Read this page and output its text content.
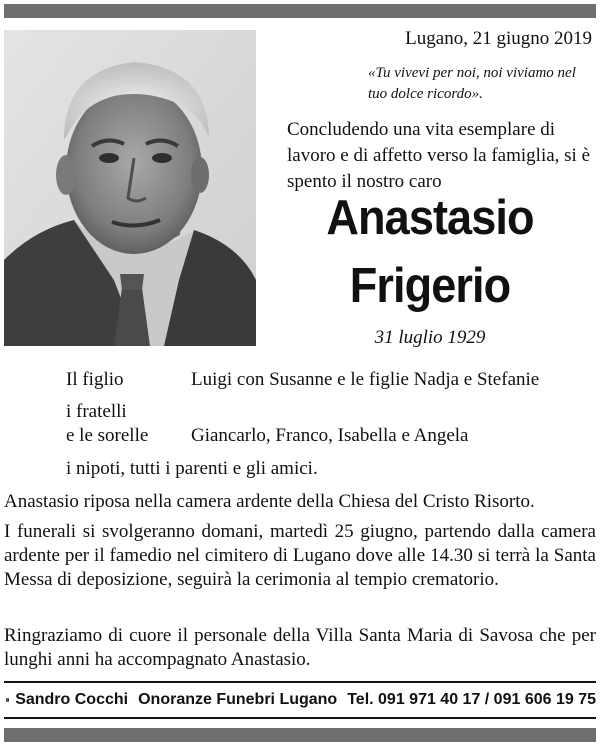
Lugano, 21 giugno 2019
«Tu vivevi per noi, noi viviamo nel tuo dolce ricordo».
Concludendo una vita esemplare di lavoro e di affetto verso la famiglia, si è spento il nostro caro
Anastasio
Frigerio
31 luglio 1929
Il figlio	Luigi con Susanne e le figlie Nadja e Stefanie
i fratelli
e le sorelle Giancarlo, Franco, Isabella e Angela
i nipoti, tutti i parenti e gli amici.
Anastasio riposa nella camera ardente della Chiesa del Cristo Risorto.
I funerali si svolgeranno domani, martedì 25 giugno, partendo dalla camera ardente per il famedio nel cimitero di Lugano dove alle 14.30 si terrà la Santa Messa di deposizione, seguirà la cerimonia al tempio crematorio.
Ringraziamo di cuore il personale della Villa Santa Maria di Savosa che per lunghi anni ha accompagnato Anastasio.
Sandro Cocchi Onoranze Funebri Lugano Tel. 091 971 40 17 / 091 606 19 75
